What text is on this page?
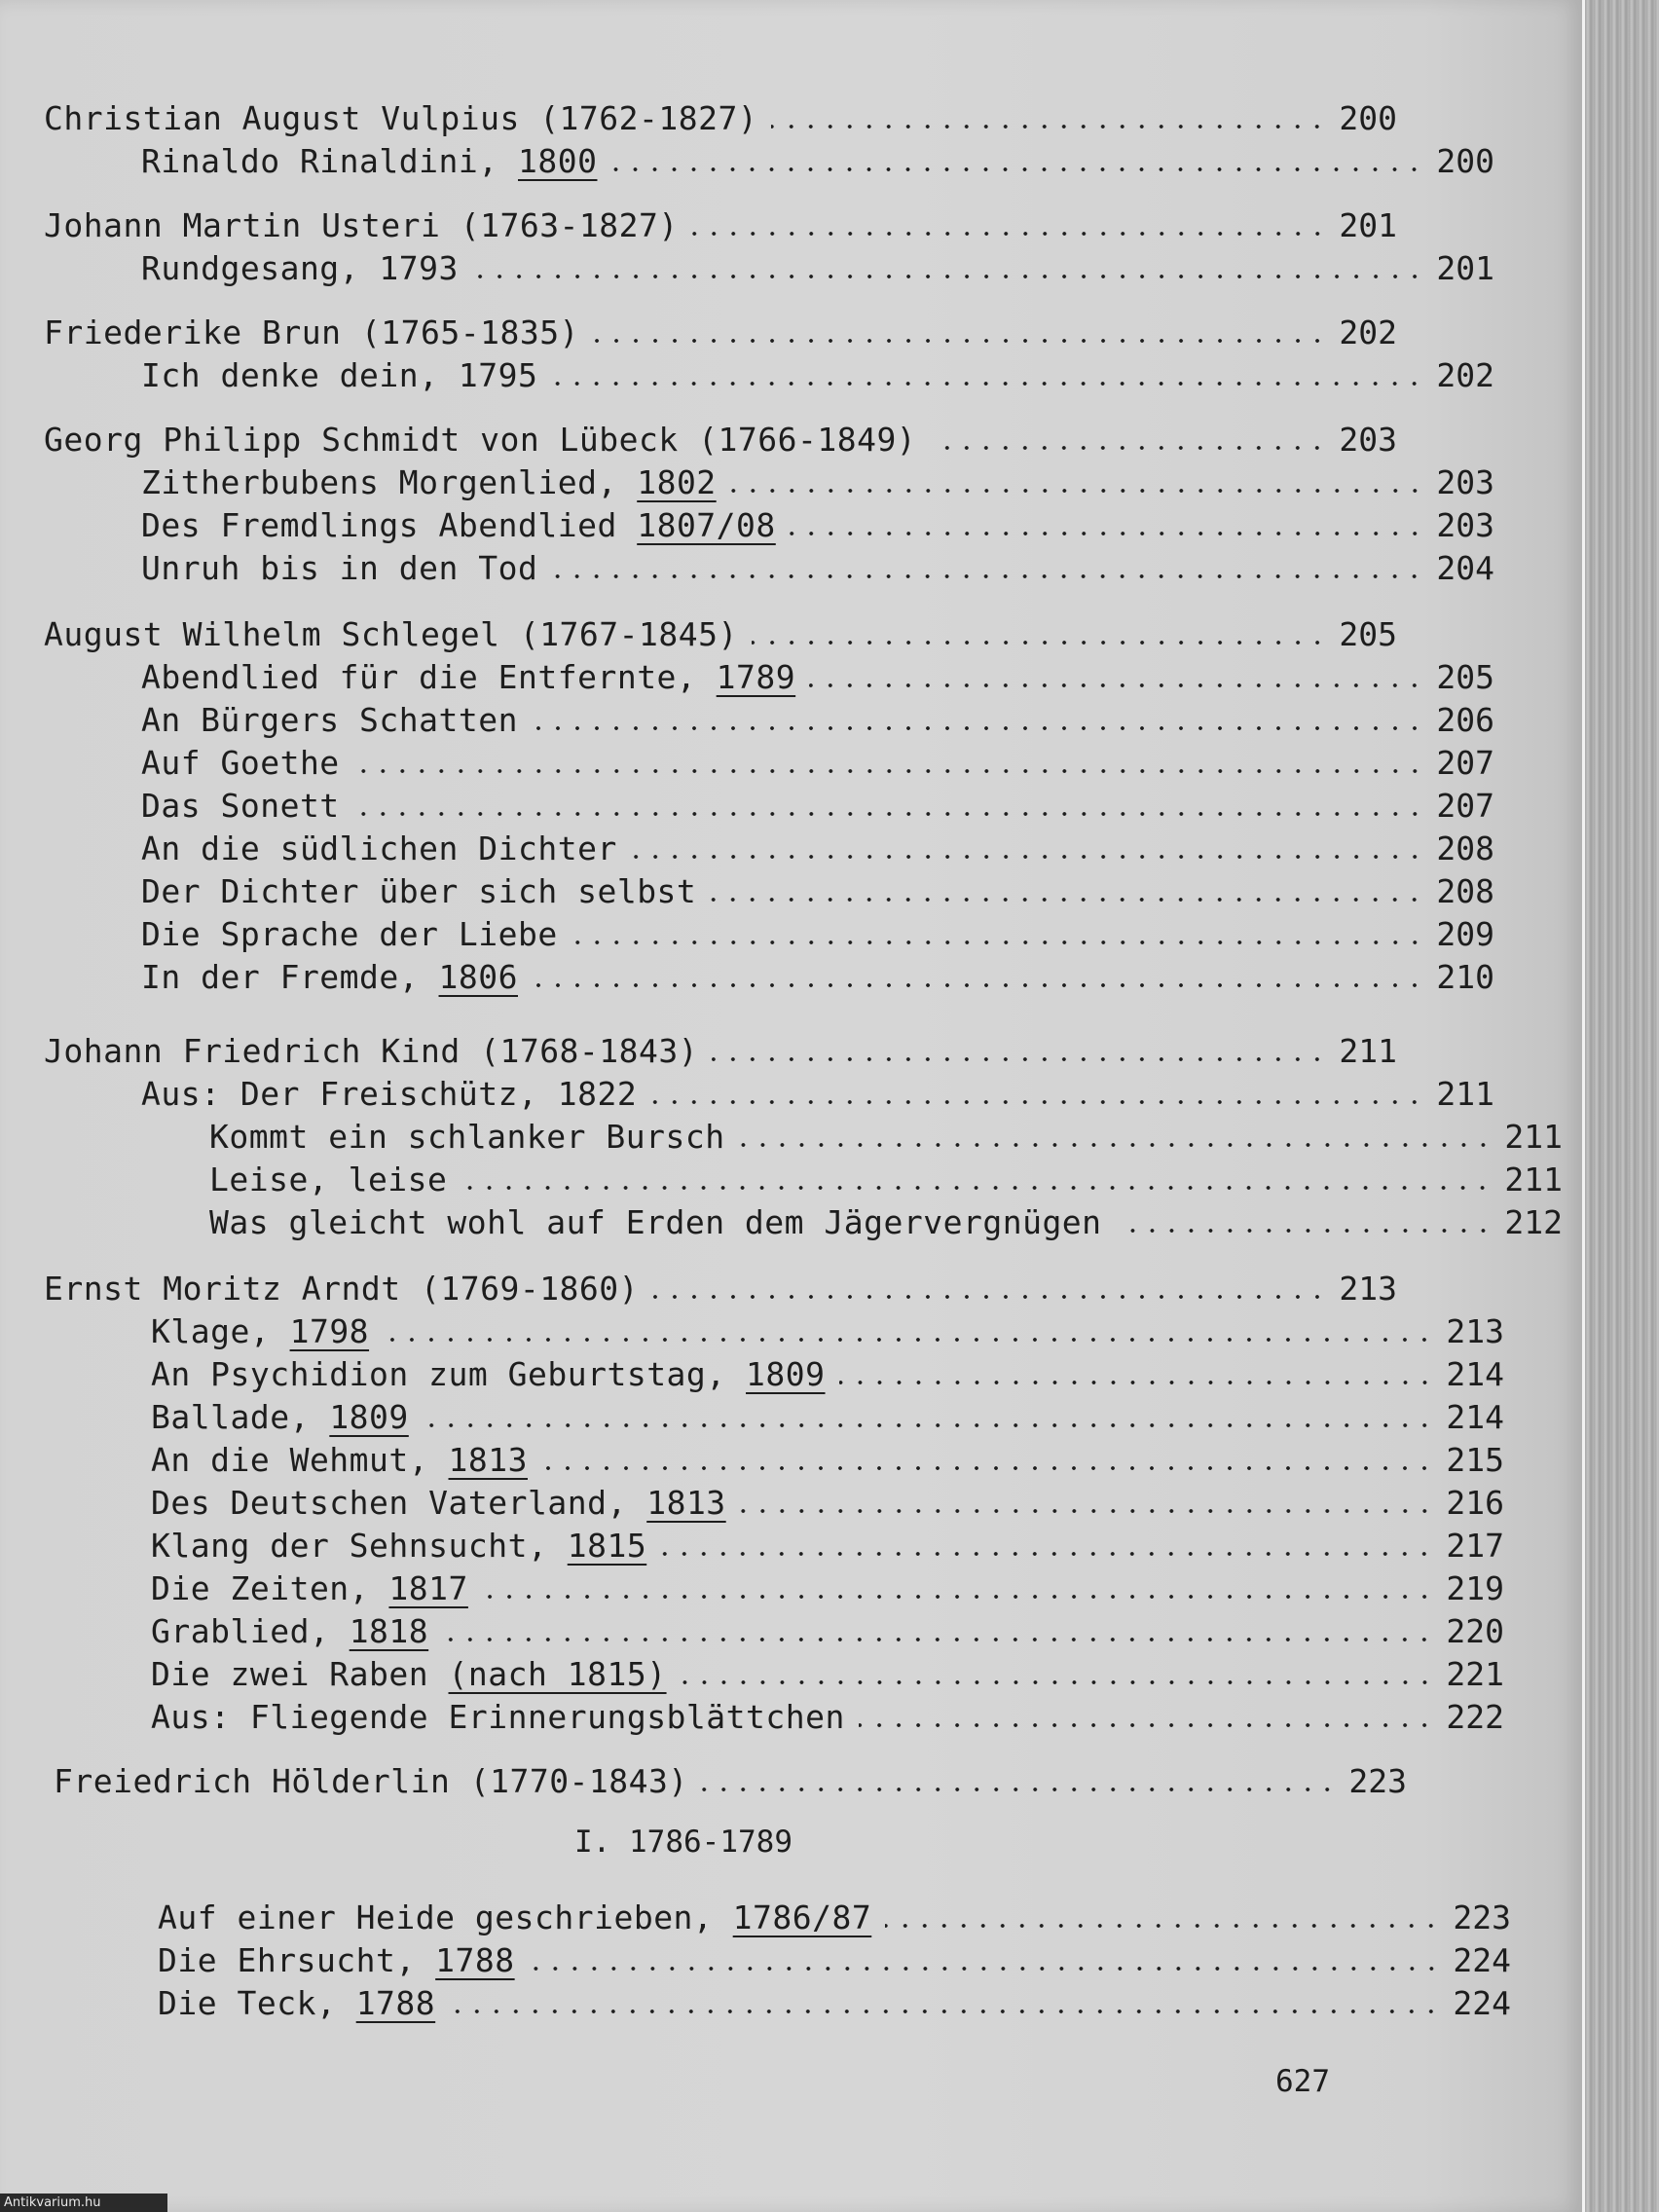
Christian August Vulpius (1762-1827)	200
Rinaldo Rinaldini, 1800	200
Johann Martin Usteri (1763-1827)	201
Rundgesang, 1793	201
Friederike Brun (1765-1835)	202
Ich denke dein, 1795	202
Georg Philipp Schmidt von Lübeck (1766-1849)	203
Zitherbubens Morgenlied, 1802	203
Des Fremdlings Abendlied 1807/08	203
Unruh bis in den Tod	204
August Wilhelm Schlegel (1767-1845)	205
Abendlied für die Entfernte, 1789	205
An Bürgers Schatten	206
Auf Goethe	207
Das Sonett	207
An die südlichen Dichter	208
Der Dichter über sich selbst	208
Die Sprache der Liebe	209
In der Fremde, 1806	210
Johann Friedrich Kind (1768-1843)	211
Aus: Der Freischütz, 1822	211
Kommt ein schlanker Bursch	211
Leise, leise	211
Was gleicht wohl auf Erden dem Jägervergnügen	212
Ernst Moritz Arndt (1769-1860)	213
Klage, 1798	213
An Psychidion zum Geburtstag, 1809	214
Ballade, 1809	214
An die Wehmut, 1813	215
Des Deutschen Vaterland, 1813	216
Klang der Sehnsucht, 1815	217
Die Zeiten, 1817	219
Grablied, 1818	220
Die zwei Raben (nach 1815)	221
Aus: Fliegende Erinnerungsblättchen	222
Freiedrich Hölderlin (1770-1843)	223
I. 1786-1789
Auf einer Heide geschrieben, 1786/87	223
Die Ehrsucht, 1788	224
Die Teck, 1788	224
627
Antikvarium.hu
